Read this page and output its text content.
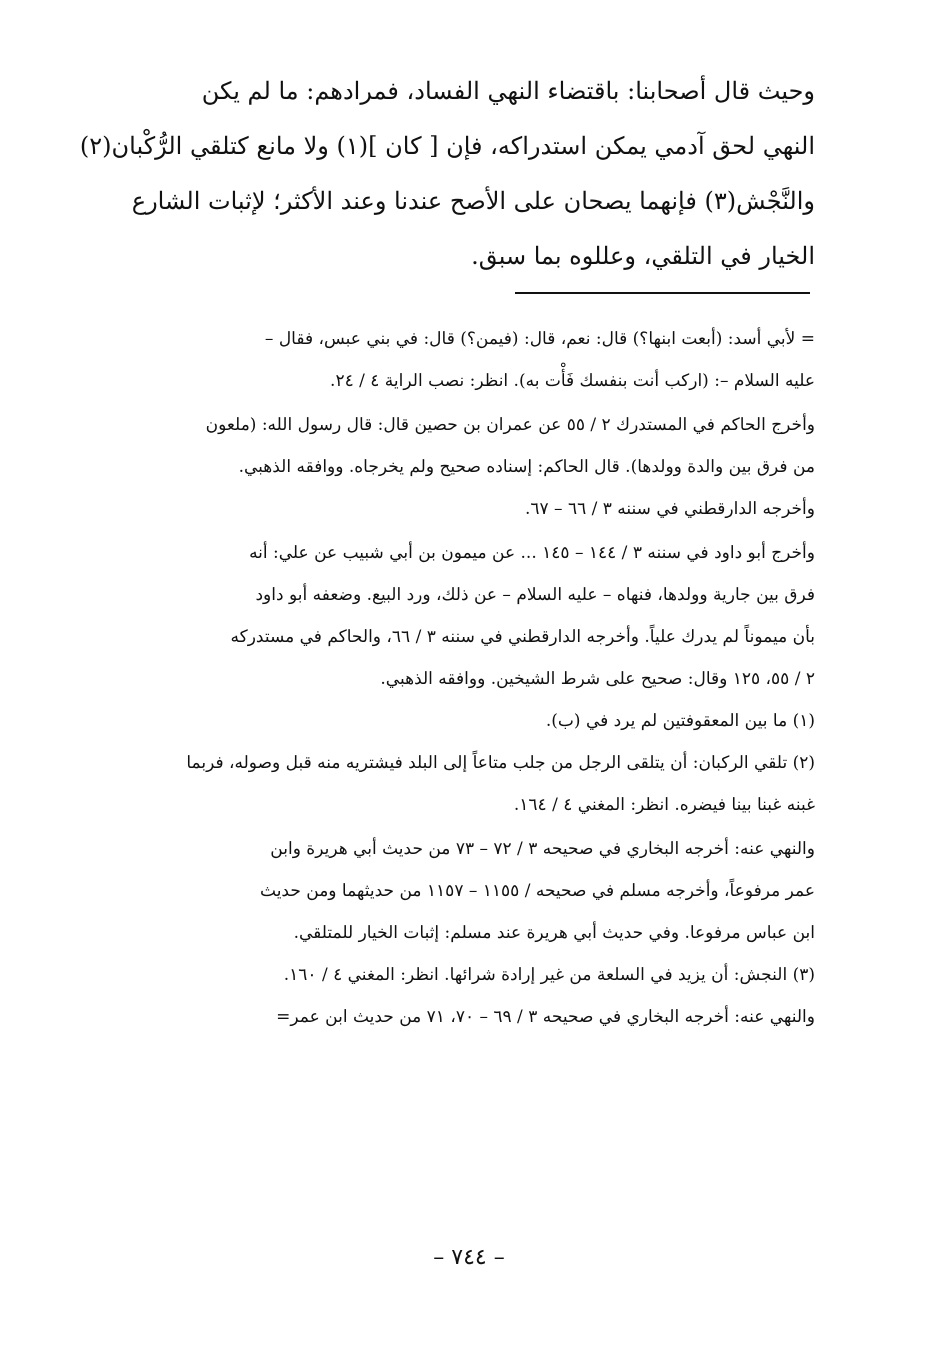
وحيث قال أصحابنا: باقتضاء النهي الفساد، فمرادهم: ما لم يكن
النهي لحق آدمي يمكن استدراكه، فإن [ كان ](١) ولا مانع كتلقي الرُّكْبان(٢)
والنَّجْش(٣) فإنهما يصحان على الأصح عندنا وعند الأكثر؛ لإثبات الشارع
الخيار في التلقي، وعللوه بما سبق.
= لأبي أسد: (أبعت ابنها؟) قال: نعم، قال: (فيمن؟) قال: في بني عبس، فقال –
عليه السلام –: (اركب أنت بنفسك فَأْت به). انظر: نصب الراية ٤ / ٢٤.
وأخرج الحاكم في المستدرك ٢ / ٥٥ عن عمران بن حصين قال: قال رسول الله: (ملعون
من فرق بين والدة وولدها). قال الحاكم: إسناده صحيح ولم يخرجاه. ووافقه الذهبي.
وأخرجه الدارقطني في سننه ٣ / ٦٦ – ٦٧.
وأخرج أبو داود في سننه ٣ / ١٤٤ – ١٤٥ ... عن ميمون بن أبي شبيب عن علي: أنه
فرق بين جارية وولدها، فنهاه – عليه السلام – عن ذلك، ورد البيع. وضعفه أبو داود
بأن ميموناً لم يدرك علياً. وأخرجه الدارقطني في سننه ٣ / ٦٦، والحاكم في مستدركه
٢ / ٥٥، ١٢٥ وقال: صحيح على شرط الشيخين. ووافقه الذهبي.
(١) ما بين المعقوفتين لم يرد في (ب).
(٢) تلقي الركبان: أن يتلقى الرجل من جلب متاعاً إلى البلد فيشتريه منه قبل وصوله، فربما
غبنه غبنا بينا فيضره. انظر: المغني ٤ / ١٦٤.
والنهي عنه: أخرجه البخاري في صحيحه ٣ / ٧٢ – ٧٣ من حديث أبي هريرة وابن
عمر مرفوعاً، وأخرجه مسلم في صحيحه / ١١٥٥ – ١١٥٧ من حديثهما ومن حديث
ابن عباس مرفوعا. وفي حديث أبي هريرة عند مسلم: إثبات الخيار للمتلقي.
(٣) النجش: أن يزيد في السلعة من غير إرادة شرائها. انظر: المغني ٤ / ١٦٠.
والنهي عنه: أخرجه البخاري في صحيحه ٣ / ٦٩ – ٧٠، ٧١ من حديث ابن عمر=
– ٧٤٤ –
